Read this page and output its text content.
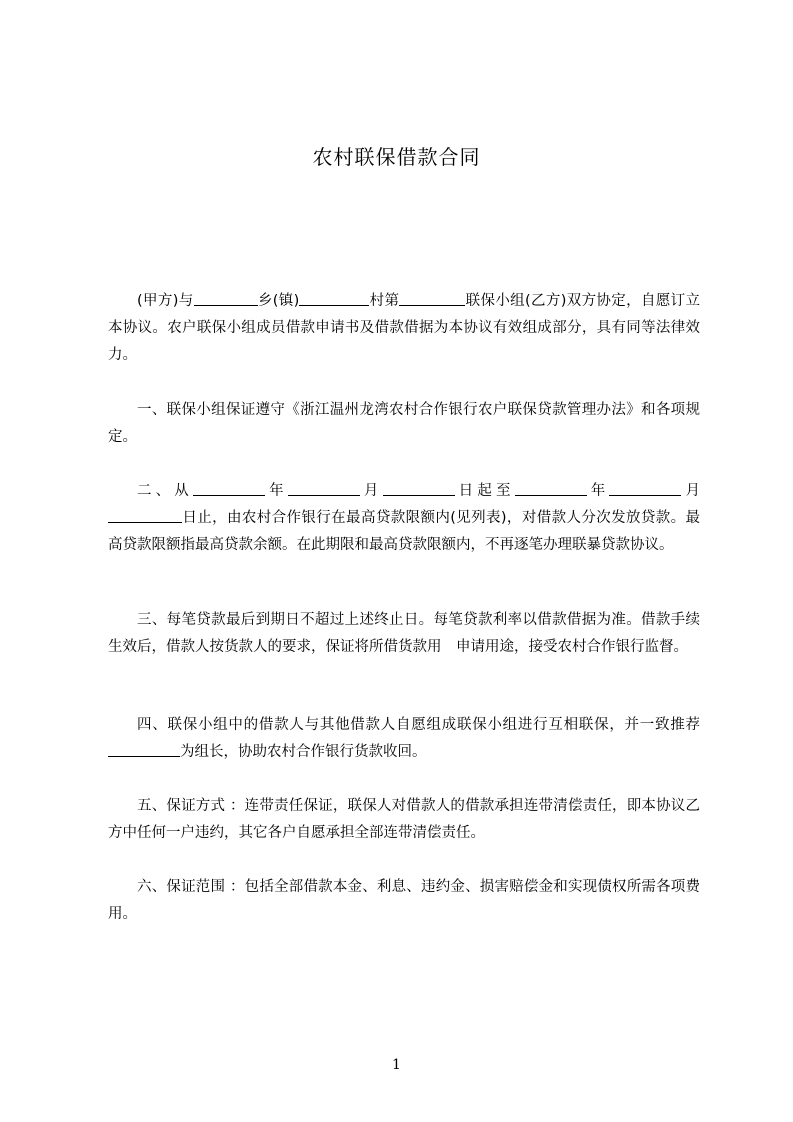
农村联保借款合同

(甲方)与	乡(镇)	村第	联保小组(乙方)双方协定，自愿订立本协议。农户联保小组成员借款申请书及借款借据为本协议有效组成部分，具有同等法律效力。

一、联保小组保证遵守《浙江温州龙湾农村合作银行农户联保贷款管理办法》和各项规定。

二、从	年	月	日起至	年	月日止，由农村合作银行在最高贷款限额内(见列表)，对借款人分次发放贷款。最高贷款限额指最高贷款余额。在此期限和最高贷款限额内，不再逐笔办理联暴贷款协议。

三、每笔贷款最后到期日不超过上述终止日。每笔贷款利率以借款借据为准。借款手续生效后，借款人按货款人的要求，保证将所借货款用　申请用途，接受农村合作银行监督。

四、联保小组中的借款人与其他借款人自愿组成联保小组进行互相联保，并一致推荐为组长，协助农村合作银行货款收回。

五、保证方式 ：连带责任保证，联保人对借款人的借款承担连带清偿责任，即本协议乙方中任何一户违约，其它各户自愿承担全部连带清偿责任。

六、保证范围 ：包括全部借款本金、利息、违约金、损害赔偿金和实现债权所需各项费用。

1
